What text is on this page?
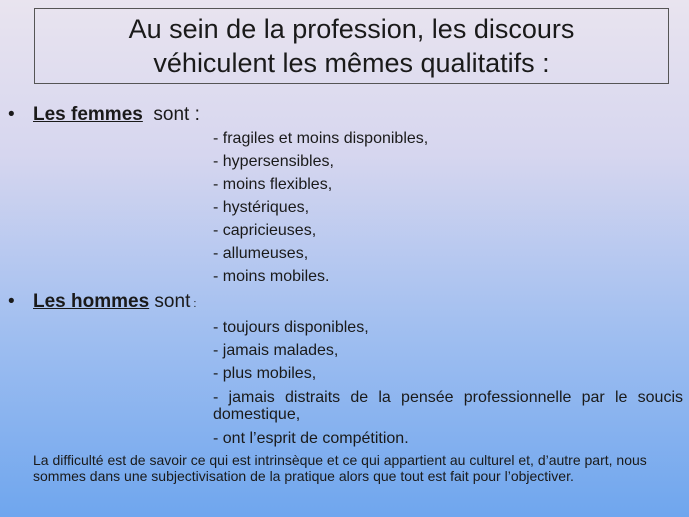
Au sein de la profession, les discours
véhiculent les mêmes qualitatifs :
• Les femmes  sont :
- fragiles et moins disponibles,
- hypersensibles,
- moins flexibles,
- hystériques,
- capricieuses,
- allumeuses,
- moins mobiles.
• Les hommes sont :
- toujours disponibles,
- jamais malades,
- plus mobiles,
- jamais distraits de la pensée professionnelle par le soucis domestique,
- ont l’esprit de compétition.
La difficulté est de savoir ce qui est intrinsèque et ce qui appartient au culturel et, d’autre part, nous sommes dans une subjectivisation de la pratique alors que tout est fait pour l’objectiver.
